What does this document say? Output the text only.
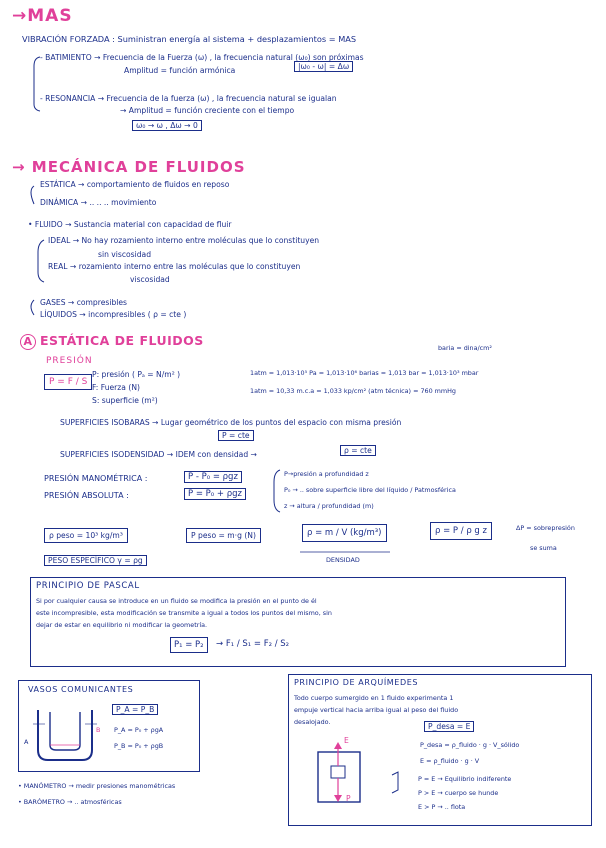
→MAS
VIBRACIÓN FORZADA : Suministran energía al sistema + desplazamientos = MAS
- BATIMIENTO → Frecuencia de la Fuerza (ω) , la frecuencia natural (ω₀) son próximas
Amplitud = función armónica	|ω₀ - ω| = Δω
- RESONANCIA → Frecuencia de la fuerza (ω) , la frecuencia natural se igualan
→ Amplitud = función creciente con el tiempo
ω₀ → ω , Δω → 0
→ MECÁNICA DE FLUIDOS
ESTÁTICA → comportamiento de fluidos en reposo
DINÁMICA → .. .. .. movimiento
• FLUIDO → Sustancia material con capacidad de fluir
IDEAL → No hay rozamiento interno entre moléculas que lo constituyen
sin viscosidad
REAL → rozamiento interno entre las moléculas que lo constituyen
viscosidad
GASES → compresibles
LÍQUIDOS → incompresibles ( ρ = cte )
A ESTÁTICA DE FLUIDOS
PRESIÓN
P = F / S
P: presión ( Pₐ = N/m² )
F: Fuerza (N)
S: superficie (m²)
baria = dina/cm²
1atm = 1,013·10⁵ Pa = 1,013·10⁶ barias = 1,013 bar = 1,013·10³ mbar
1atm = 10,33 m.c.a = 1,033 kp/cm² (atm técnica) = 760 mmHg
SUPERFICIES ISOBARAS → Lugar geométrico de los puntos del espacio con misma presión
P = cte
SUPERFICIES ISODENSIDAD → IDEM con densidad →	ρ = cte
PRESIÓN MANOMÉTRICA :	P - P₀ = ρgz
PRESIÓN ABSOLUTA :	P = P₀ + ρgz
P→presión a profundidad z
P₀ → .. sobre superficie libre del líquido / Patmosférica
z → altura / profundidad (m)
ρ peso = 10³ kg/m³
PESO ESPECÍFICO γ = ρg
P peso = m·g (N)	ρ = m / V (kg/m³)
DENSIDAD
ρ = P / ρ g z	ΔP = sobrepresión
se suma
PRINCIPIO DE PASCAL
Si por cualquier causa se introduce en un fluido se modifica la presión en el punto de él
este incompresible, esta modificación se transmite a igual a todos los puntos del mismo, sin
dejar de estar en equilibrio ni modificar la geometría.
P₁ = P₂	→ F₁ / S₁ = F₂ / S₂
VASOS COMUNICANTES
P_A = P_B
P_A = P₀ + ρgA
P_B = P₀ + ρgB
A
B
PRINCIPIO DE ARQUÍMEDES
Todo cuerpo sumergido en 1 fluido experimenta 1
empuje vertical hacia arriba igual al peso del fluido
desalojado.	P_desa = E
P_desa = ρ_fluido · g · V_sólido
E = ρ_fluido · g · V
P = E → Equilibrio indiferente
P > E → cuerpo se hunde
E > P → .. flota
E
P
• MANÓMETRO → medir presiones manométricas
• BARÓMETRO → .. atmosféricas
